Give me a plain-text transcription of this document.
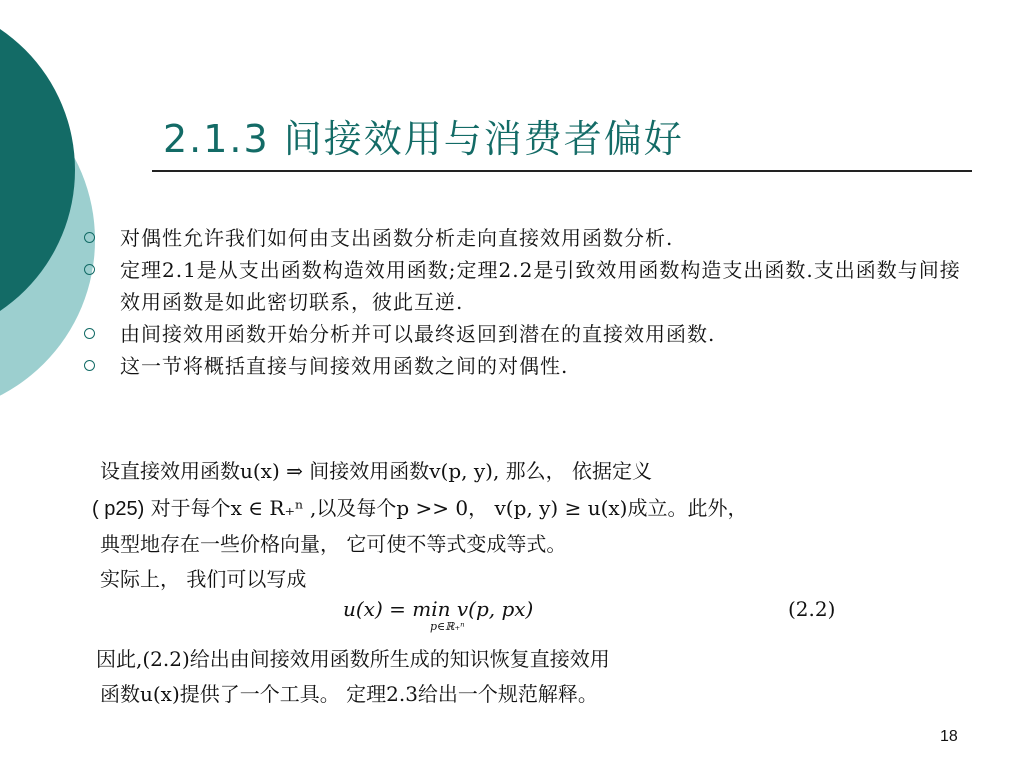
2.1.3 间接效用与消费者偏好
对偶性允许我们如何由支出函数分析走向直接效用函数分析.
定理2.1是从支出函数构造效用函数;定理2.2是引致效用函数构造支出函数.支出函数与间接效用函数是如此密切联系，彼此互逆.
由间接效用函数开始分析并可以最终返回到潜在的直接效用函数.
这一节将概括直接与间接效用函数之间的对偶性.
设直接效用函数u(x) ⇒ 间接效用函数v(p, y), 那么， 依据定义
( p25) 对于每个x ∈ R₊ⁿ ,以及每个p >> 0， v(p, y) ≥ u(x)成立。此外，
典型地存在一些价格向量， 它可使不等式变成等式。
实际上， 我们可以写成
u(x) = min v(p, px)
p∈ℝ₊ⁿ
(2.2)
因此,(2.2)给出由间接效用函数所生成的知识恢复直接效用
函数u(x)提供了一个工具。 定理2.3给出一个规范解释。
18
